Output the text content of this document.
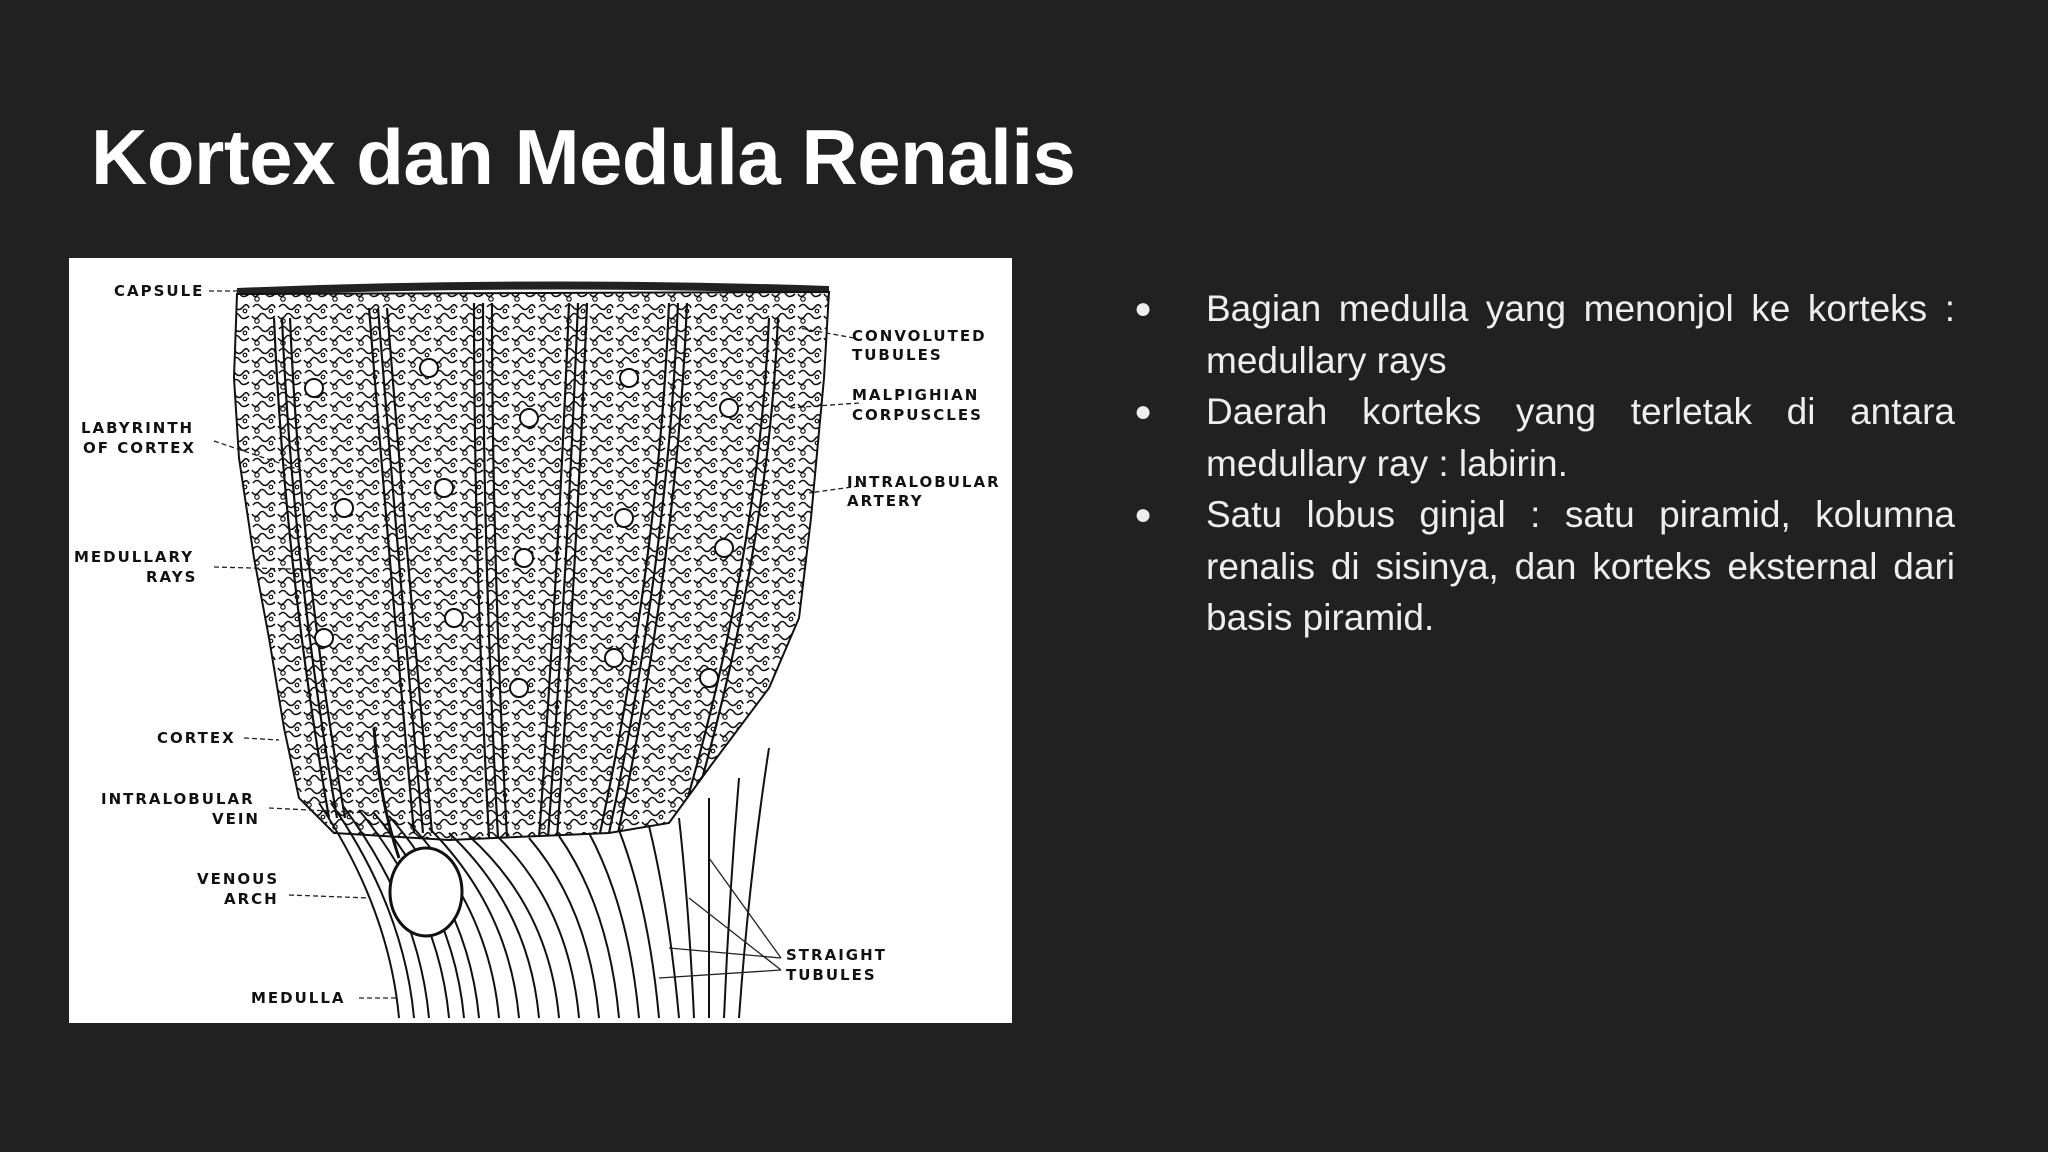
Kortex dan Medula Renalis
CAPSULE
LABYRINTH
OF CORTEX
MEDULLARY
RAYS
CORTEX
INTRALOBULAR
VEIN
VENOUS
ARCH
MEDULLA
CONVOLUTED
TUBULES
MALPIGHIAN
CORPUSCLES
INTRALOBULAR
ARTERY
STRAIGHT
TUBULES
● Bagian medulla yang menonjol ke korteks : medullary rays
● Daerah korteks yang terletak di antara medullary ray : labirin.
● Satu lobus ginjal : satu piramid, kolumna renalis di sisinya, dan korteks eksternal dari basis piramid.
